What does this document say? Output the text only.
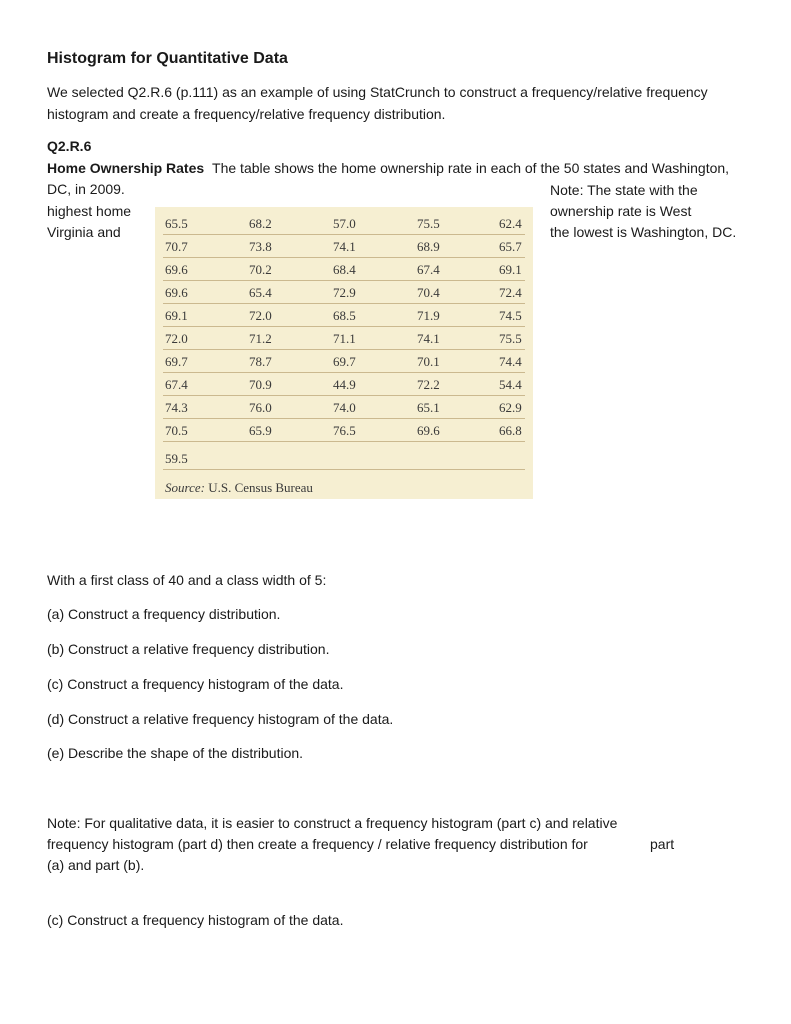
Histogram for Quantitative Data
We selected Q2.R.6 (p.111) as an example of using StatCrunch to construct a frequency/relative frequency histogram and create a frequency/relative frequency distribution.
Q2.R.6
Home Ownership Rates The table shows the home ownership rate in each of the 50 states and Washington,
DC, in 2009.
highest home
Virginia and
Note: The state with the
ownership rate is West
the lowest is Washington, DC.
65.5	68.2	57.0	75.5	62.4
70.7	73.8	74.1	68.9	65.7
69.6	70.2	68.4	67.4	69.1
69.6	65.4	72.9	70.4	72.4
69.1	72.0	68.5	71.9	74.5
72.0	71.2	71.1	74.1	75.5
69.7	78.7	69.7	70.1	74.4
67.4	70.9	44.9	72.2	54.4
74.3	76.0	74.0	65.1	62.9
70.5	65.9	76.5	69.6	66.8
59.5
Source: U.S. Census Bureau
With a first class of 40 and a class width of 5:
(a) Construct a frequency distribution.
(b) Construct a relative frequency distribution.
(c) Construct a frequency histogram of the data.
(d) Construct a relative frequency histogram of the data.
(e) Describe the shape of the distribution.
Note: For qualitative data, it is easier to construct a frequency histogram (part c) and relative
frequency histogram (part d) then create a frequency / relative frequency distribution for	part
(a) and part (b).
(c) Construct a frequency histogram of the data.
